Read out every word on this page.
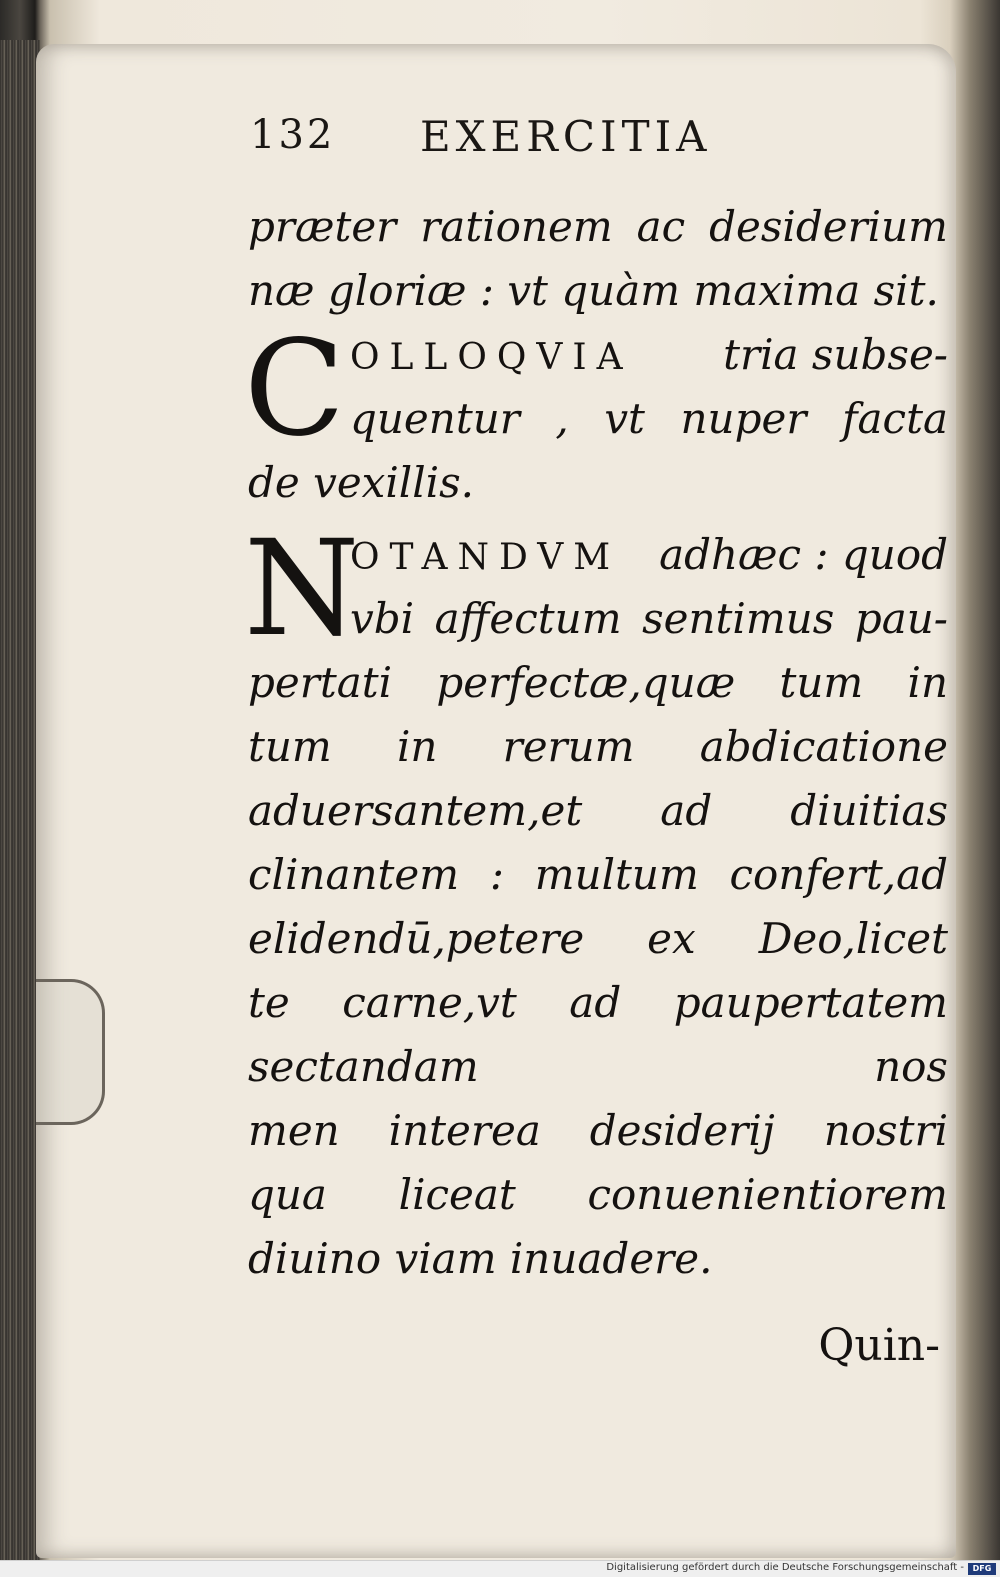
132 EXERCITIA
præter rationem ac desiderium
næ gloriæ : vt quàm maxima sit.
C OLLOQVIA tria subse-
quentur , vt nuper facta
de vexillis.
N
OTANDVM adhæc : quod
vbi affectum sentimus pau-
pertati perfectæ,quæ tum in
tum in rerum abdicatione
aduersantem,et ad diuitias
clinantem : multum confert,ad
elidendū,petere ex Deo,licet
te carne,vt ad paupertatem
sectandam nos
men interea desiderij nostri
qua liceat conuenientiorem
diuino viam inuadere.
Quin-
Digitalisierung gefördert durch die Deutsche Forschungsgemeinschaft -	DFG
